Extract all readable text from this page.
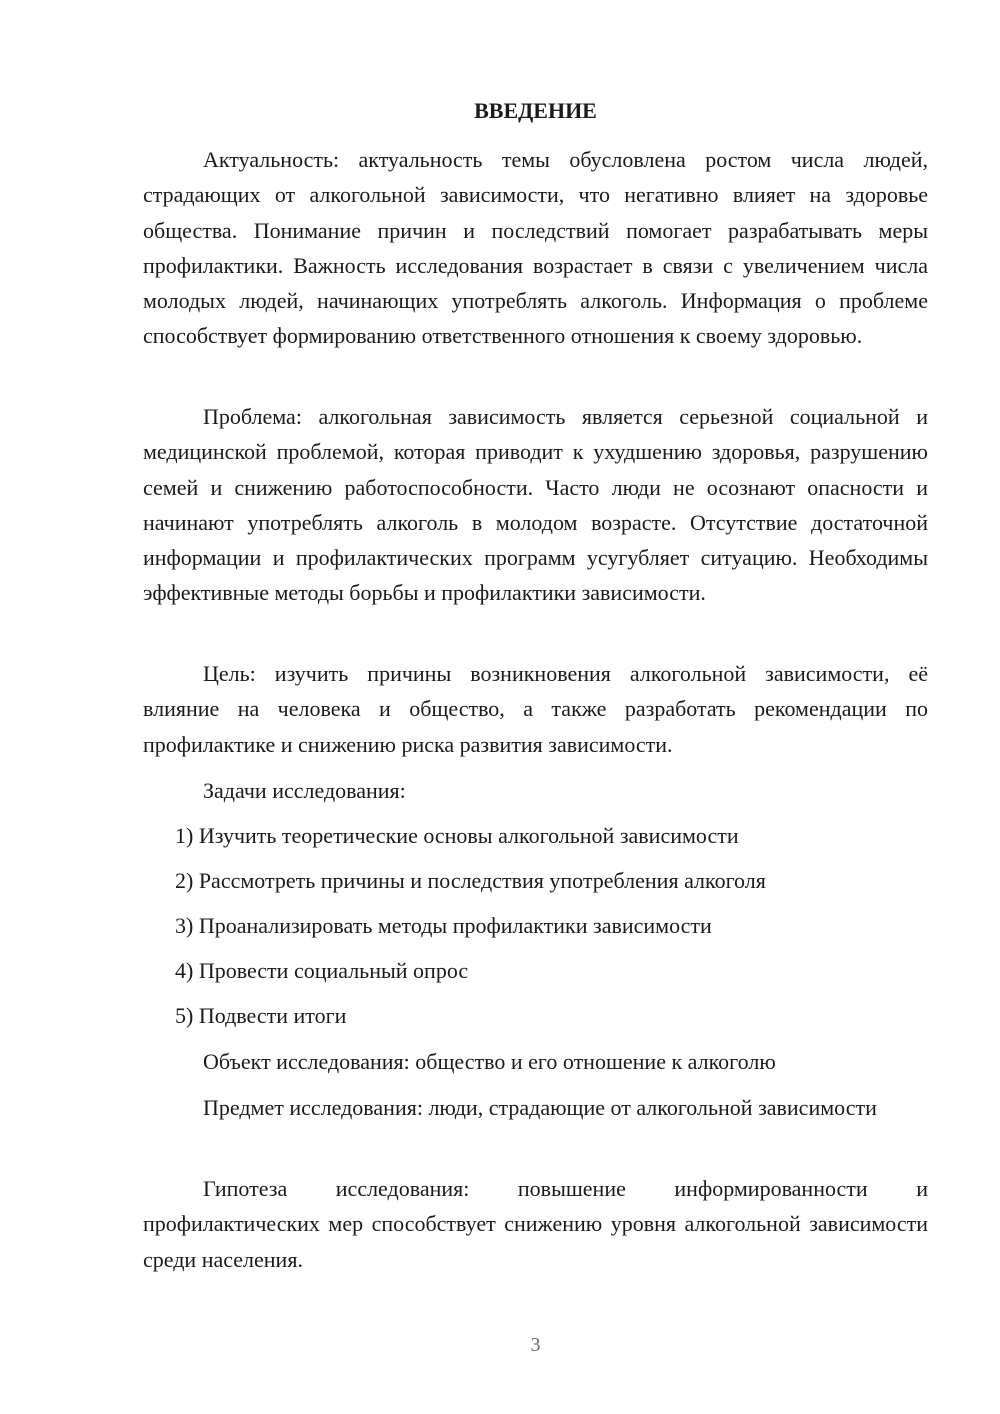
ВВЕДЕНИЕ

Актуальность: актуальность темы обусловлена ростом числа людей, страдающих от алкогольной зависимости, что негативно влияет на здоровье общества. Понимание причин и последствий помогает разрабатывать меры профилактики. Важность исследования возрастает в связи с увеличением числа молодых людей, начинающих употреблять алкоголь. Информация о проблеме способствует формированию ответственного отношения к своему здоровью.

Проблема: алкогольная зависимость является серьезной социальной и медицинской проблемой, которая приводит к ухудшению здоровья, разрушению семей и снижению работоспособности. Часто люди не осознают опасности и начинают употреблять алкоголь в молодом возрасте. Отсутствие достаточной информации и профилактических программ усугубляет ситуацию. Необходимы эффективные методы борьбы и профилактики зависимости.

Цель: изучить причины возникновения алкогольной зависимости, её влияние на человека и общество, а также разработать рекомендации по профилактике и снижению риска развития зависимости.

Задачи исследования:

1) Изучить теоретические основы алкогольной зависимости

2) Рассмотреть причины и последствия употребления алкоголя

3) Проанализировать методы профилактики зависимости

4) Провести социальный опрос

5) Подвести итоги

Объект исследования: общество и его отношение к алкоголю

Предмет исследования: люди, страдающие от алкогольной зависимости

Гипотеза исследования: повышение информированности и профилактических мер способствует снижению уровня алкогольной зависимости среди населения.

3
